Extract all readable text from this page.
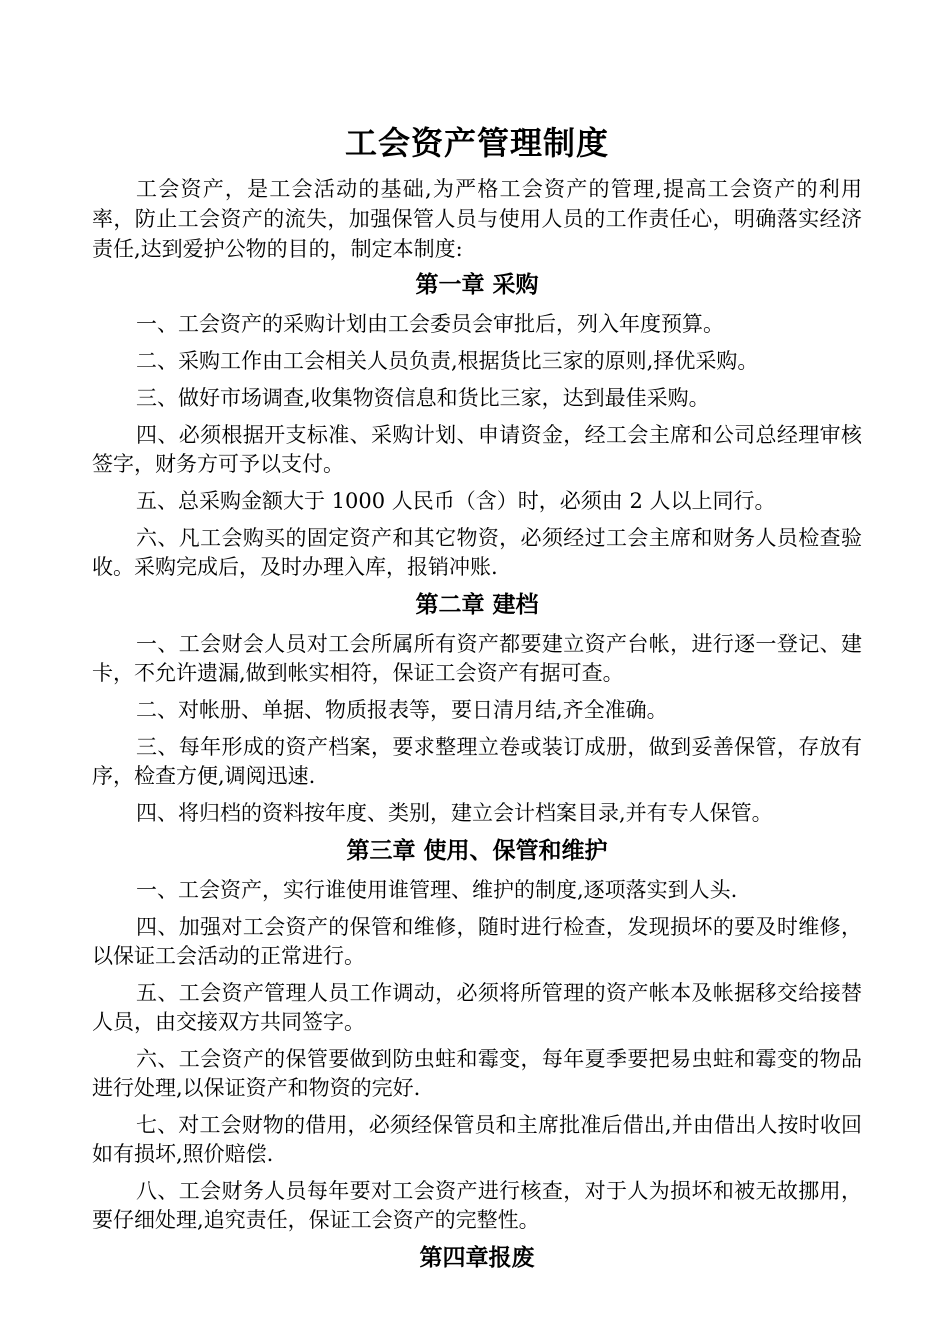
工会资产管理制度

工会资产，是工会活动的基础,为严格工会资产的管理,提高工会资产的利用率，防止工会资产的流失，加强保管人员与使用人员的工作责任心，明确落实经济责任,达到爱护公物的目的，制定本制度:

第一章 采购

一、工会资产的采购计划由工会委员会审批后，列入年度预算。

二、采购工作由工会相关人员负责,根据货比三家的原则,择优采购。

三、做好市场调查,收集物资信息和货比三家，达到最佳采购。

四、必须根据开支标准、采购计划、申请资金，经工会主席和公司总经理审核签字，财务方可予以支付。

五、总采购金额大于 1000 人民币（含）时，必须由 2 人以上同行。

六、凡工会购买的固定资产和其它物资，必须经过工会主席和财务人员检查验收。采购完成后，及时办理入库，报销冲账.

第二章 建档

一、工会财会人员对工会所属所有资产都要建立资产台帐，进行逐一登记、建卡，不允许遗漏,做到帐实相符，保证工会资产有据可查。

二、对帐册、单据、物质报表等，要日清月结,齐全准确。

三、每年形成的资产档案，要求整理立卷或装订成册，做到妥善保管，存放有序，检查方便,调阅迅速.

四、将归档的资料按年度、类别，建立会计档案目录,并有专人保管。

第三章 使用、保管和维护

一、工会资产，实行谁使用谁管理、维护的制度,逐项落实到人头.

四、加强对工会资产的保管和维修，随时进行检查，发现损坏的要及时维修，以保证工会活动的正常进行。

五、工会资产管理人员工作调动，必须将所管理的资产帐本及帐据移交给接替人员，由交接双方共同签字。

六、工会资产的保管要做到防虫蛀和霉变，每年夏季要把易虫蛀和霉变的物品进行处理,以保证资产和物资的完好.

七、对工会财物的借用，必须经保管员和主席批准后借出,并由借出人按时收回如有损坏,照价赔偿.

八、工会财务人员每年要对工会资产进行核查，对于人为损坏和被无故挪用，要仔细处理,追究责任，保证工会资产的完整性。

第四章报废
